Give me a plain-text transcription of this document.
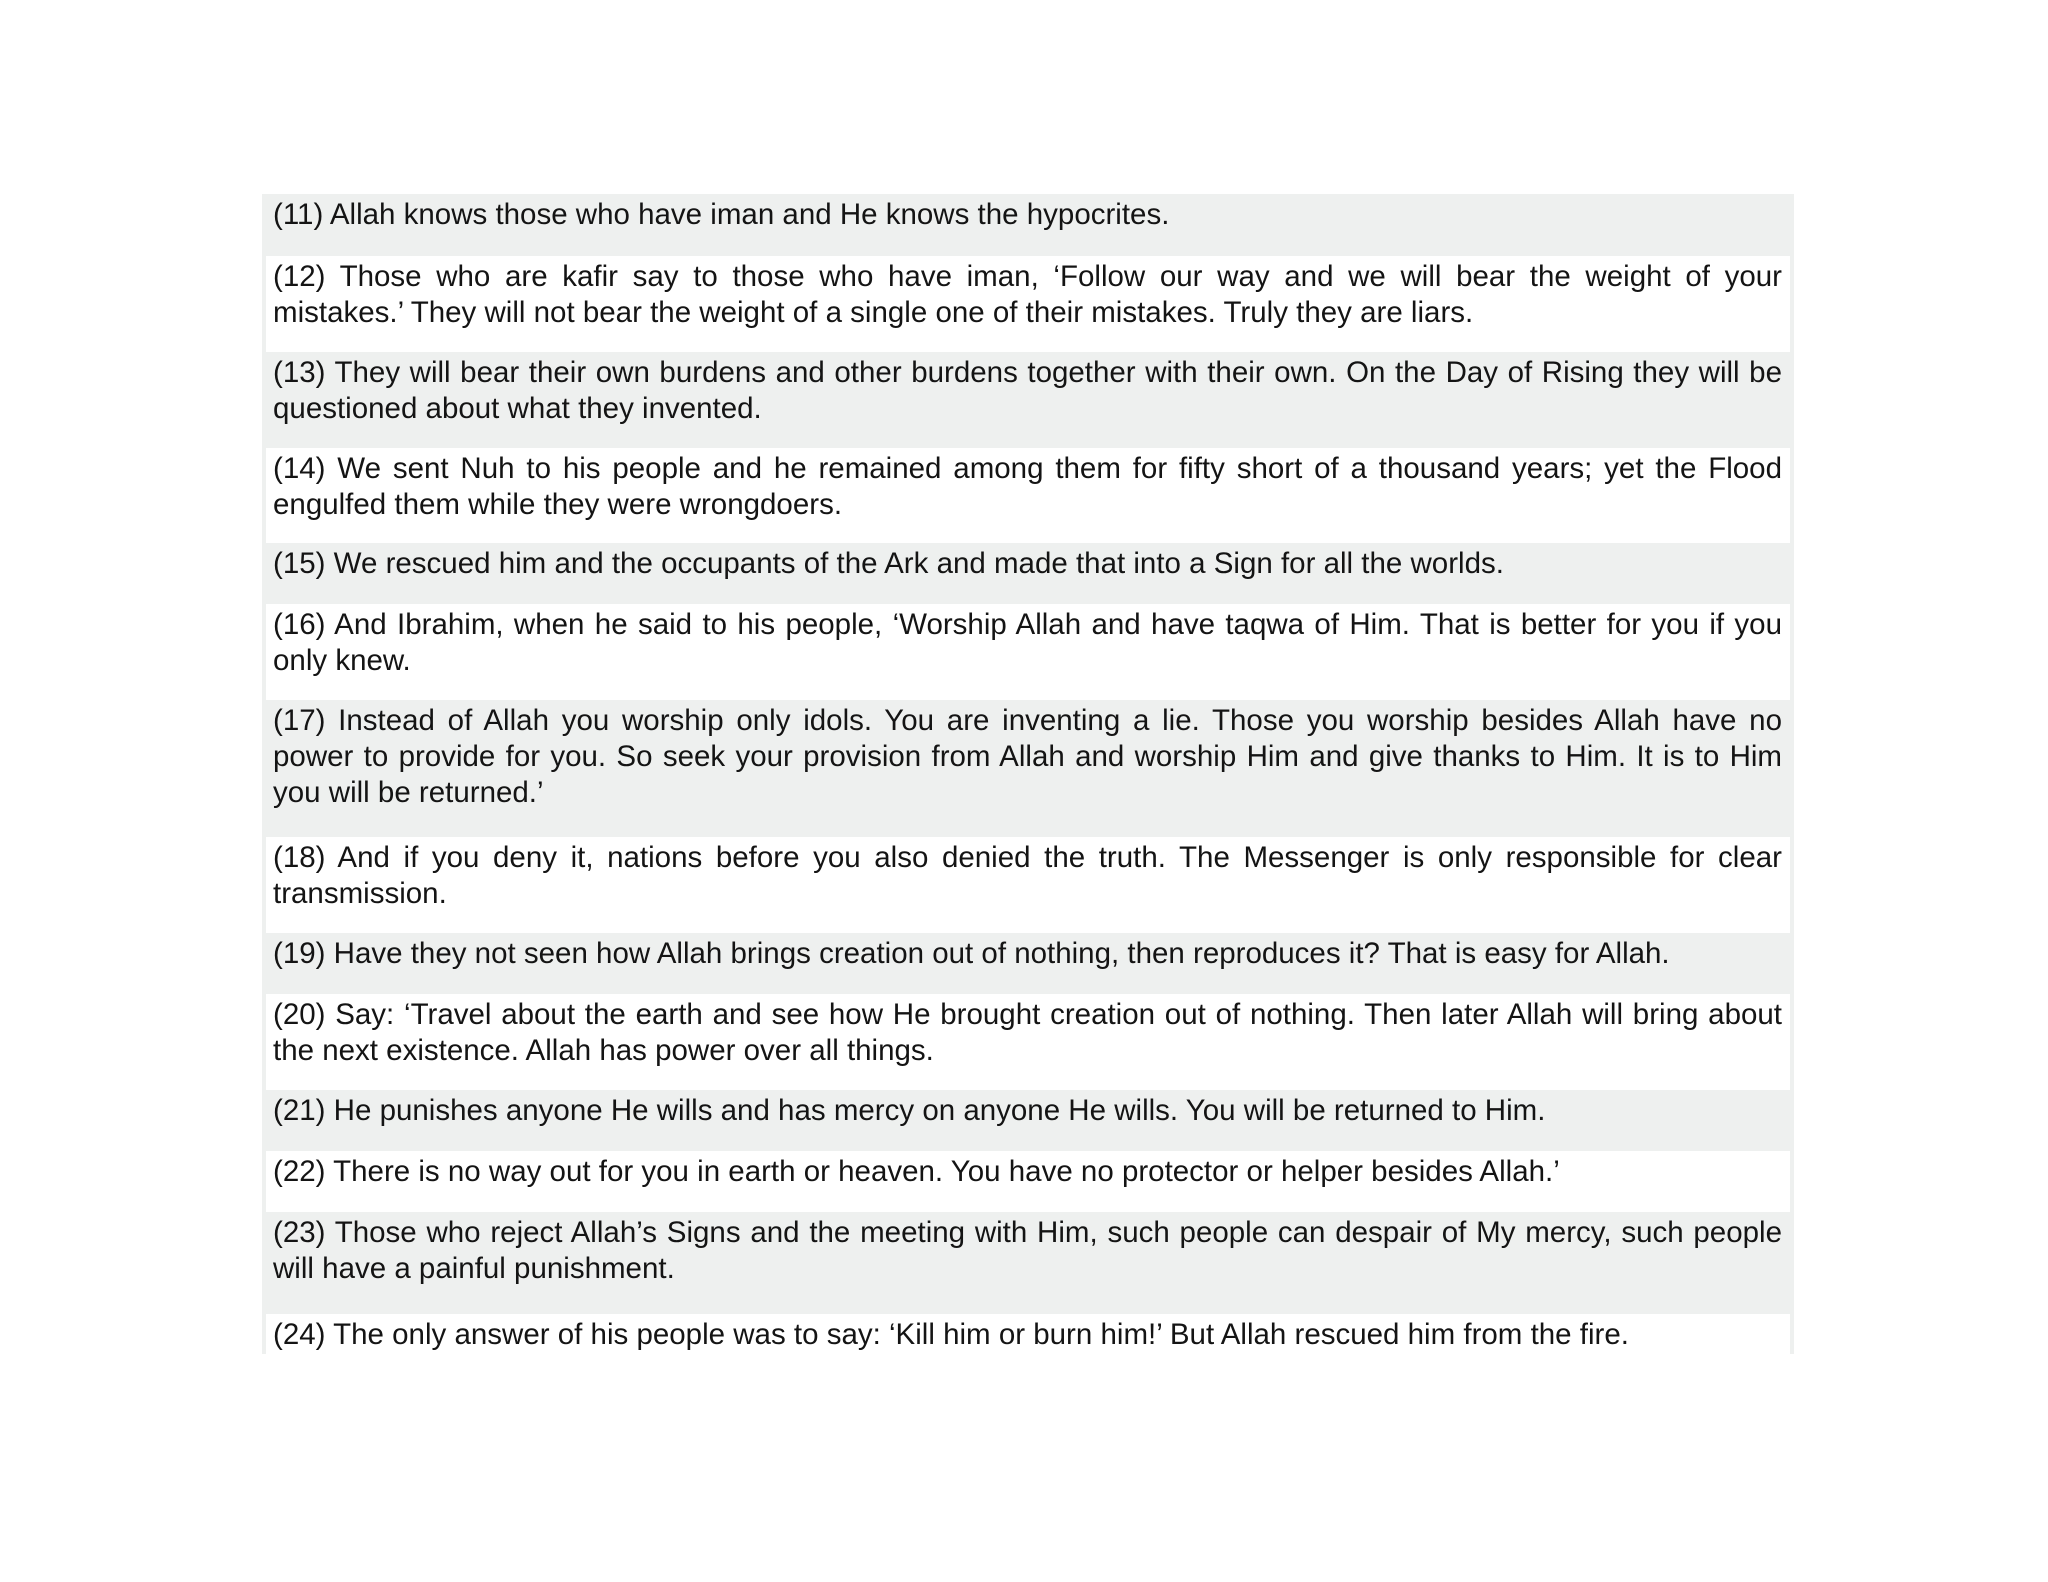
(11) Allah knows those who have iman and He knows the hypocrites.
(12) Those who are kafir say to those who have iman, ‘Follow our way and we will bear the weight of your mistakes.’ They will not bear the weight of a single one of their mistakes. Truly they are liars.
(13) They will bear their own burdens and other burdens together with their own. On the Day of Rising they will be questioned about what they invented.
(14) We sent Nuh to his people and he remained among them for fifty short of a thousand years; yet the Flood engulfed them while they were wrongdoers.
(15) We rescued him and the occupants of the Ark and made that into a Sign for all the worlds.
(16) And Ibrahim, when he said to his people, ‘Worship Allah and have taqwa of Him. That is better for you if you only knew.
(17) Instead of Allah you worship only idols. You are inventing a lie. Those you worship besides Allah have no power to provide for you. So seek your provision from Allah and worship Him and give thanks to Him. It is to Him you will be returned.’
(18) And if you deny it, nations before you also denied the truth. The Messenger is only responsible for clear transmission.
(19) Have they not seen how Allah brings creation out of nothing, then reproduces it? That is easy for Allah.
(20) Say: ‘Travel about the earth and see how He brought creation out of nothing. Then later Allah will bring about the next existence. Allah has power over all things.
(21) He punishes anyone He wills and has mercy on anyone He wills. You will be returned to Him.
(22) There is no way out for you in earth or heaven. You have no protector or helper besides Allah.’
(23) Those who reject Allah’s Signs and the meeting with Him, such people can despair of My mercy, such people will have a painful punishment.
(24) The only answer of his people was to say: ‘Kill him or burn him!’ But Allah rescued him from the fire.
